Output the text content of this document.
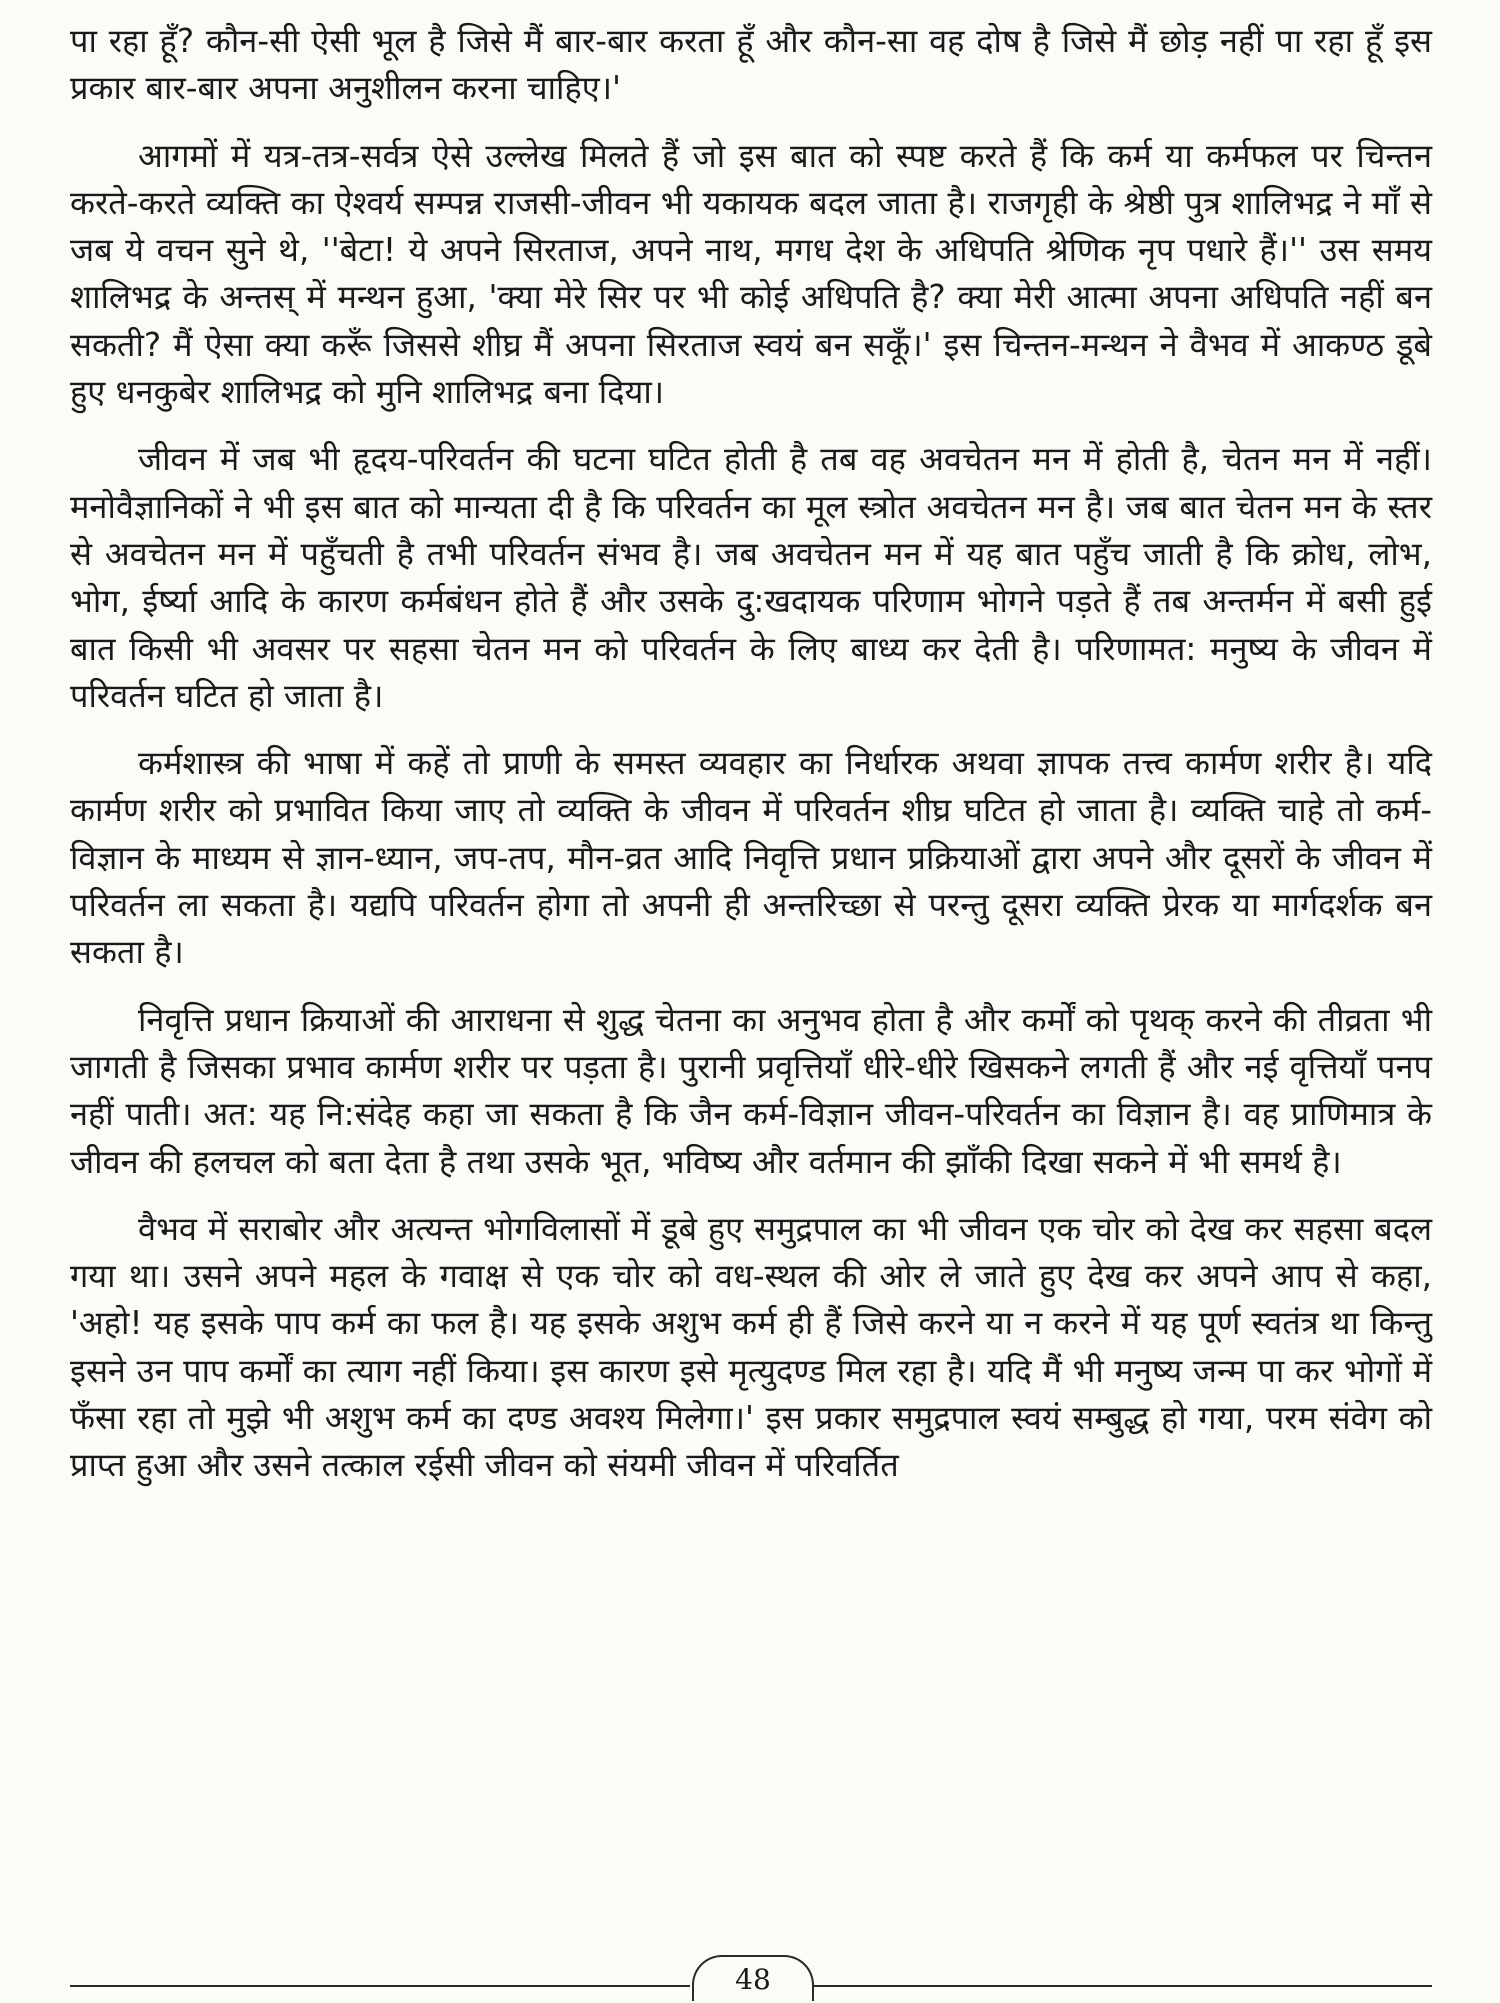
पा रहा हूँ? कौन-सी ऐसी भूल है जिसे मैं बार-बार करता हूँ और कौन-सा वह दोष है जिसे मैं छोड़ नहीं पा रहा हूँ इस प्रकार बार-बार अपना अनुशीलन करना चाहिए।'

आगमों में यत्र-तत्र-सर्वत्र ऐसे उल्लेख मिलते हैं जो इस बात को स्पष्ट करते हैं कि कर्म या कर्मफल पर चिन्तन करते-करते व्यक्ति का ऐश्वर्य सम्पन्न राजसी-जीवन भी यकायक बदल जाता है। राजगृही के श्रेष्ठी पुत्र शालिभद्र ने माँ से जब ये वचन सुने थे, ''बेटा! ये अपने सिरताज, अपने नाथ, मगध देश के अधिपति श्रेणिक नृप पधारे हैं।'' उस समय शालिभद्र के अन्तस् में मन्थन हुआ, 'क्या मेरे सिर पर भी कोई अधिपति है? क्या मेरी आत्मा अपना अधिपति नहीं बन सकती? मैं ऐसा क्या करूँ जिससे शीघ्र मैं अपना सिरताज स्वयं बन सकूँ।' इस चिन्तन-मन्थन ने वैभव में आकण्ठ डूबे हुए धनकुबेर शालिभद्र को मुनि शालिभद्र बना दिया।

जीवन में जब भी हृदय-परिवर्तन की घटना घटित होती है तब वह अवचेतन मन में होती है, चेतन मन में नहीं। मनोवैज्ञानिकों ने भी इस बात को मान्यता दी है कि परिवर्तन का मूल स्त्रोत अवचेतन मन है। जब बात चेतन मन के स्तर से अवचेतन मन में पहुँचती है तभी परिवर्तन संभव है। जब अवचेतन मन में यह बात पहुँच जाती है कि क्रोध, लोभ, भोग, ईर्ष्या आदि के कारण कर्मबंधन होते हैं और उसके दु:खदायक परिणाम भोगने पड़ते हैं तब अन्तर्मन में बसी हुई बात किसी भी अवसर पर सहसा चेतन मन को परिवर्तन के लिए बाध्य कर देती है। परिणामत: मनुष्य के जीवन में परिवर्तन घटित हो जाता है।

कर्मशास्त्र की भाषा में कहें तो प्राणी के समस्त व्यवहार का निर्धारक अथवा ज्ञापक तत्त्व कार्मण शरीर है। यदि कार्मण शरीर को प्रभावित किया जाए तो व्यक्ति के जीवन में परिवर्तन शीघ्र घटित हो जाता है। व्यक्ति चाहे तो कर्म-विज्ञान के माध्यम से ज्ञान-ध्यान, जप-तप, मौन-व्रत आदि निवृत्ति प्रधान प्रक्रियाओं द्वारा अपने और दूसरों के जीवन में परिवर्तन ला सकता है। यद्यपि परिवर्तन होगा तो अपनी ही अन्तरिच्छा से परन्तु दूसरा व्यक्ति प्रेरक या मार्गदर्शक बन सकता है।

निवृत्ति प्रधान क्रियाओं की आराधना से शुद्ध चेतना का अनुभव होता है और कर्मों को पृथक् करने की तीव्रता भी जागती है जिसका प्रभाव कार्मण शरीर पर पड़ता है। पुरानी प्रवृत्तियाँ धीरे-धीरे खिसकने लगती हैं और नई वृत्तियाँ पनप नहीं पाती। अत: यह नि:संदेह कहा जा सकता है कि जैन कर्म-विज्ञान जीवन-परिवर्तन का विज्ञान है। वह प्राणिमात्र के जीवन की हलचल को बता देता है तथा उसके भूत, भविष्य और वर्तमान की झाँकी दिखा सकने में भी समर्थ है।

वैभव में सराबोर और अत्यन्त भोगविलासों में डूबे हुए समुद्रपाल का भी जीवन एक चोर को देख कर सहसा बदल गया था। उसने अपने महल के गवाक्ष से एक चोर को वध-स्थल की ओर ले जाते हुए देख कर अपने आप से कहा, 'अहो! यह इसके पाप कर्म का फल है। यह इसके अशुभ कर्म ही हैं जिसे करने या न करने में यह पूर्ण स्वतंत्र था किन्तु इसने उन पाप कर्मों का त्याग नहीं किया। इस कारण इसे मृत्युदण्ड मिल रहा है। यदि मैं भी मनुष्य जन्म पा कर भोगों में फँसा रहा तो मुझे भी अशुभ कर्म का दण्ड अवश्य मिलेगा।' इस प्रकार समुद्रपाल स्वयं सम्बुद्ध हो गया, परम संवेग को प्राप्त हुआ और उसने तत्काल रईसी जीवन को संयमी जीवन में परिवर्तित

48
